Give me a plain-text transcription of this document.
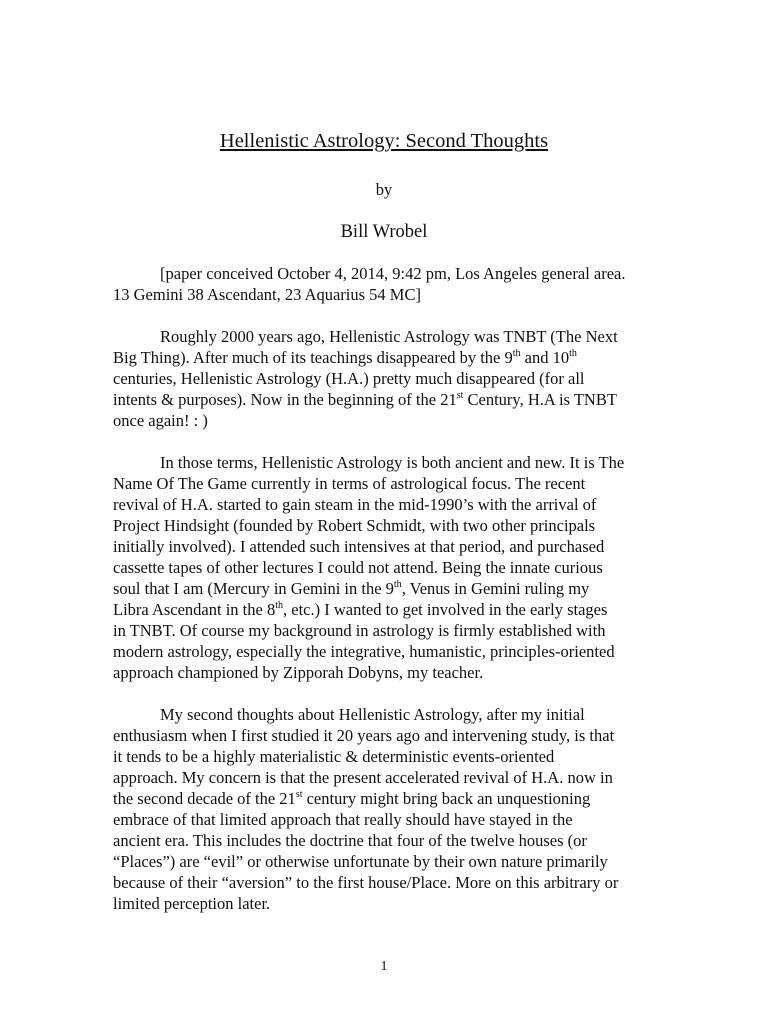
Hellenistic Astrology: Second Thoughts
by
Bill Wrobel
[paper conceived October 4, 2014, 9:42 pm, Los Angeles general area.
13 Gemini 38 Ascendant, 23 Aquarius 54 MC]
Roughly 2000 years ago, Hellenistic Astrology was TNBT (The Next
Big Thing). After much of its teachings disappeared by the 9th and 10th
centuries, Hellenistic Astrology (H.A.) pretty much disappeared (for all
intents & purposes). Now in the beginning of the 21st Century, H.A is TNBT
once again! : )
In those terms, Hellenistic Astrology is both ancient and new. It is The
Name Of The Game currently in terms of astrological focus. The recent
revival of H.A. started to gain steam in the mid-1990’s with the arrival of
Project Hindsight (founded by Robert Schmidt, with two other principals
initially involved). I attended such intensives at that period, and purchased
cassette tapes of other lectures I could not attend. Being the innate curious
soul that I am (Mercury in Gemini in the 9th, Venus in Gemini ruling my
Libra Ascendant in the 8th, etc.) I wanted to get involved in the early stages
in TNBT. Of course my background in astrology is firmly established with
modern astrology, especially the integrative, humanistic, principles-oriented
approach championed by Zipporah Dobyns, my teacher.
My second thoughts about Hellenistic Astrology, after my initial
enthusiasm when I first studied it 20 years ago and intervening study, is that
it tends to be a highly materialistic & deterministic events-oriented
approach. My concern is that the present accelerated revival of H.A. now in
the second decade of the 21st century might bring back an unquestioning
embrace of that limited approach that really should have stayed in the
ancient era. This includes the doctrine that four of the twelve houses (or
“Places”) are “evil” or otherwise unfortunate by their own nature primarily
because of their “aversion” to the first house/Place. More on this arbitrary or
limited perception later.
1
